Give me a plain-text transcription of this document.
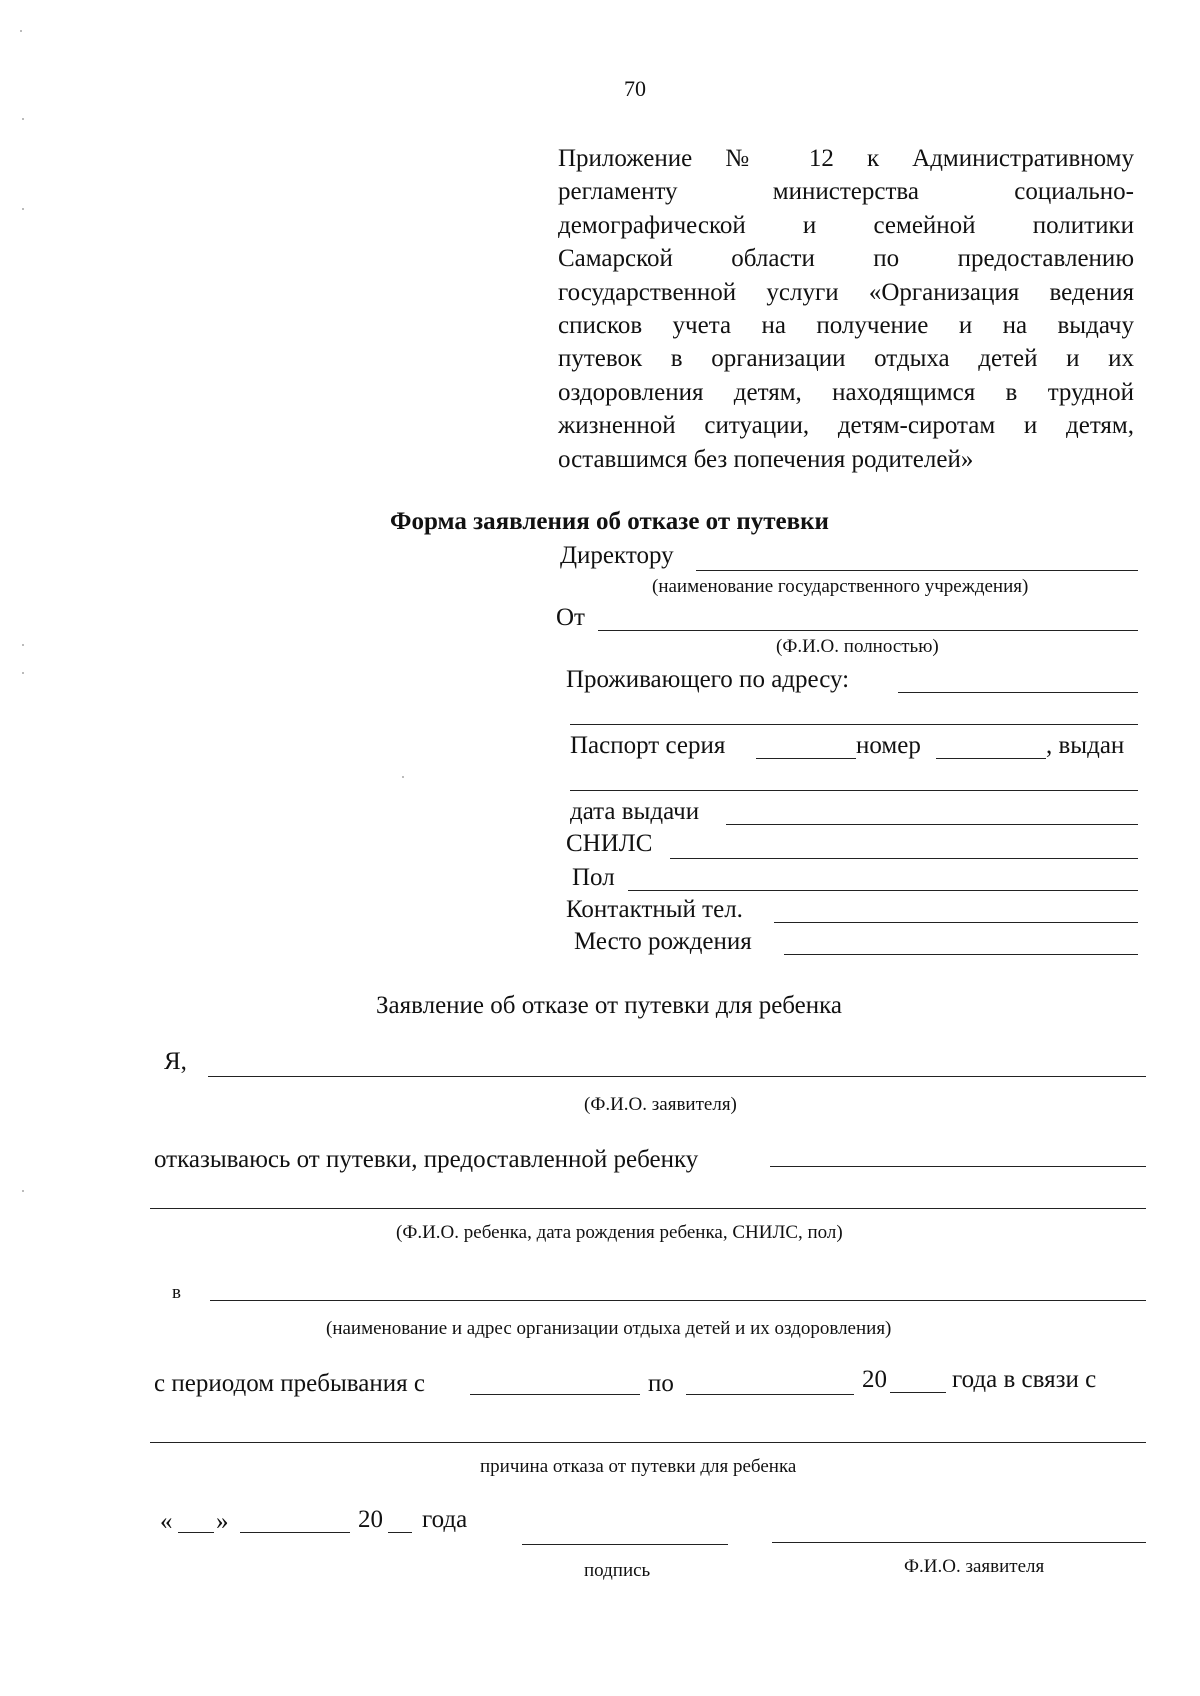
70
Приложение № 12 к Административному
регламенту министерства социально-
демографической и семейной политики
Самарской области по предоставлению
государственной услуги «Организация ведения
списков учета на получение и на выдачу
путевок в организации отдыха детей и их
оздоровления детям, находящимся в трудной
жизненной ситуации, детям-сиротам и детям,
оставшимся без попечения родителей»
Форма заявления об отказе от путевки
Директору
(наименование государственного учреждения)
От
(Ф.И.О. полностью)
Проживающего по адресу:
Паспорт серия	номер	, выдан
дата выдачи
СНИЛС
Пол
Контактный тел.
Место рождения
Заявление об отказе от путевки для ребенка
Я,
(Ф.И.О. заявителя)
отказываюсь от путевки, предоставленной ребенку
(Ф.И.О. ребенка, дата рождения ребенка, СНИЛС, пол)
в
(наименование и адрес организации отдыха детей и их оздоровления)
с периодом пребывания с	по	20	года в связи с
причина отказа от путевки для ребенка
« »	20 года
подпись	Ф.И.О. заявителя
